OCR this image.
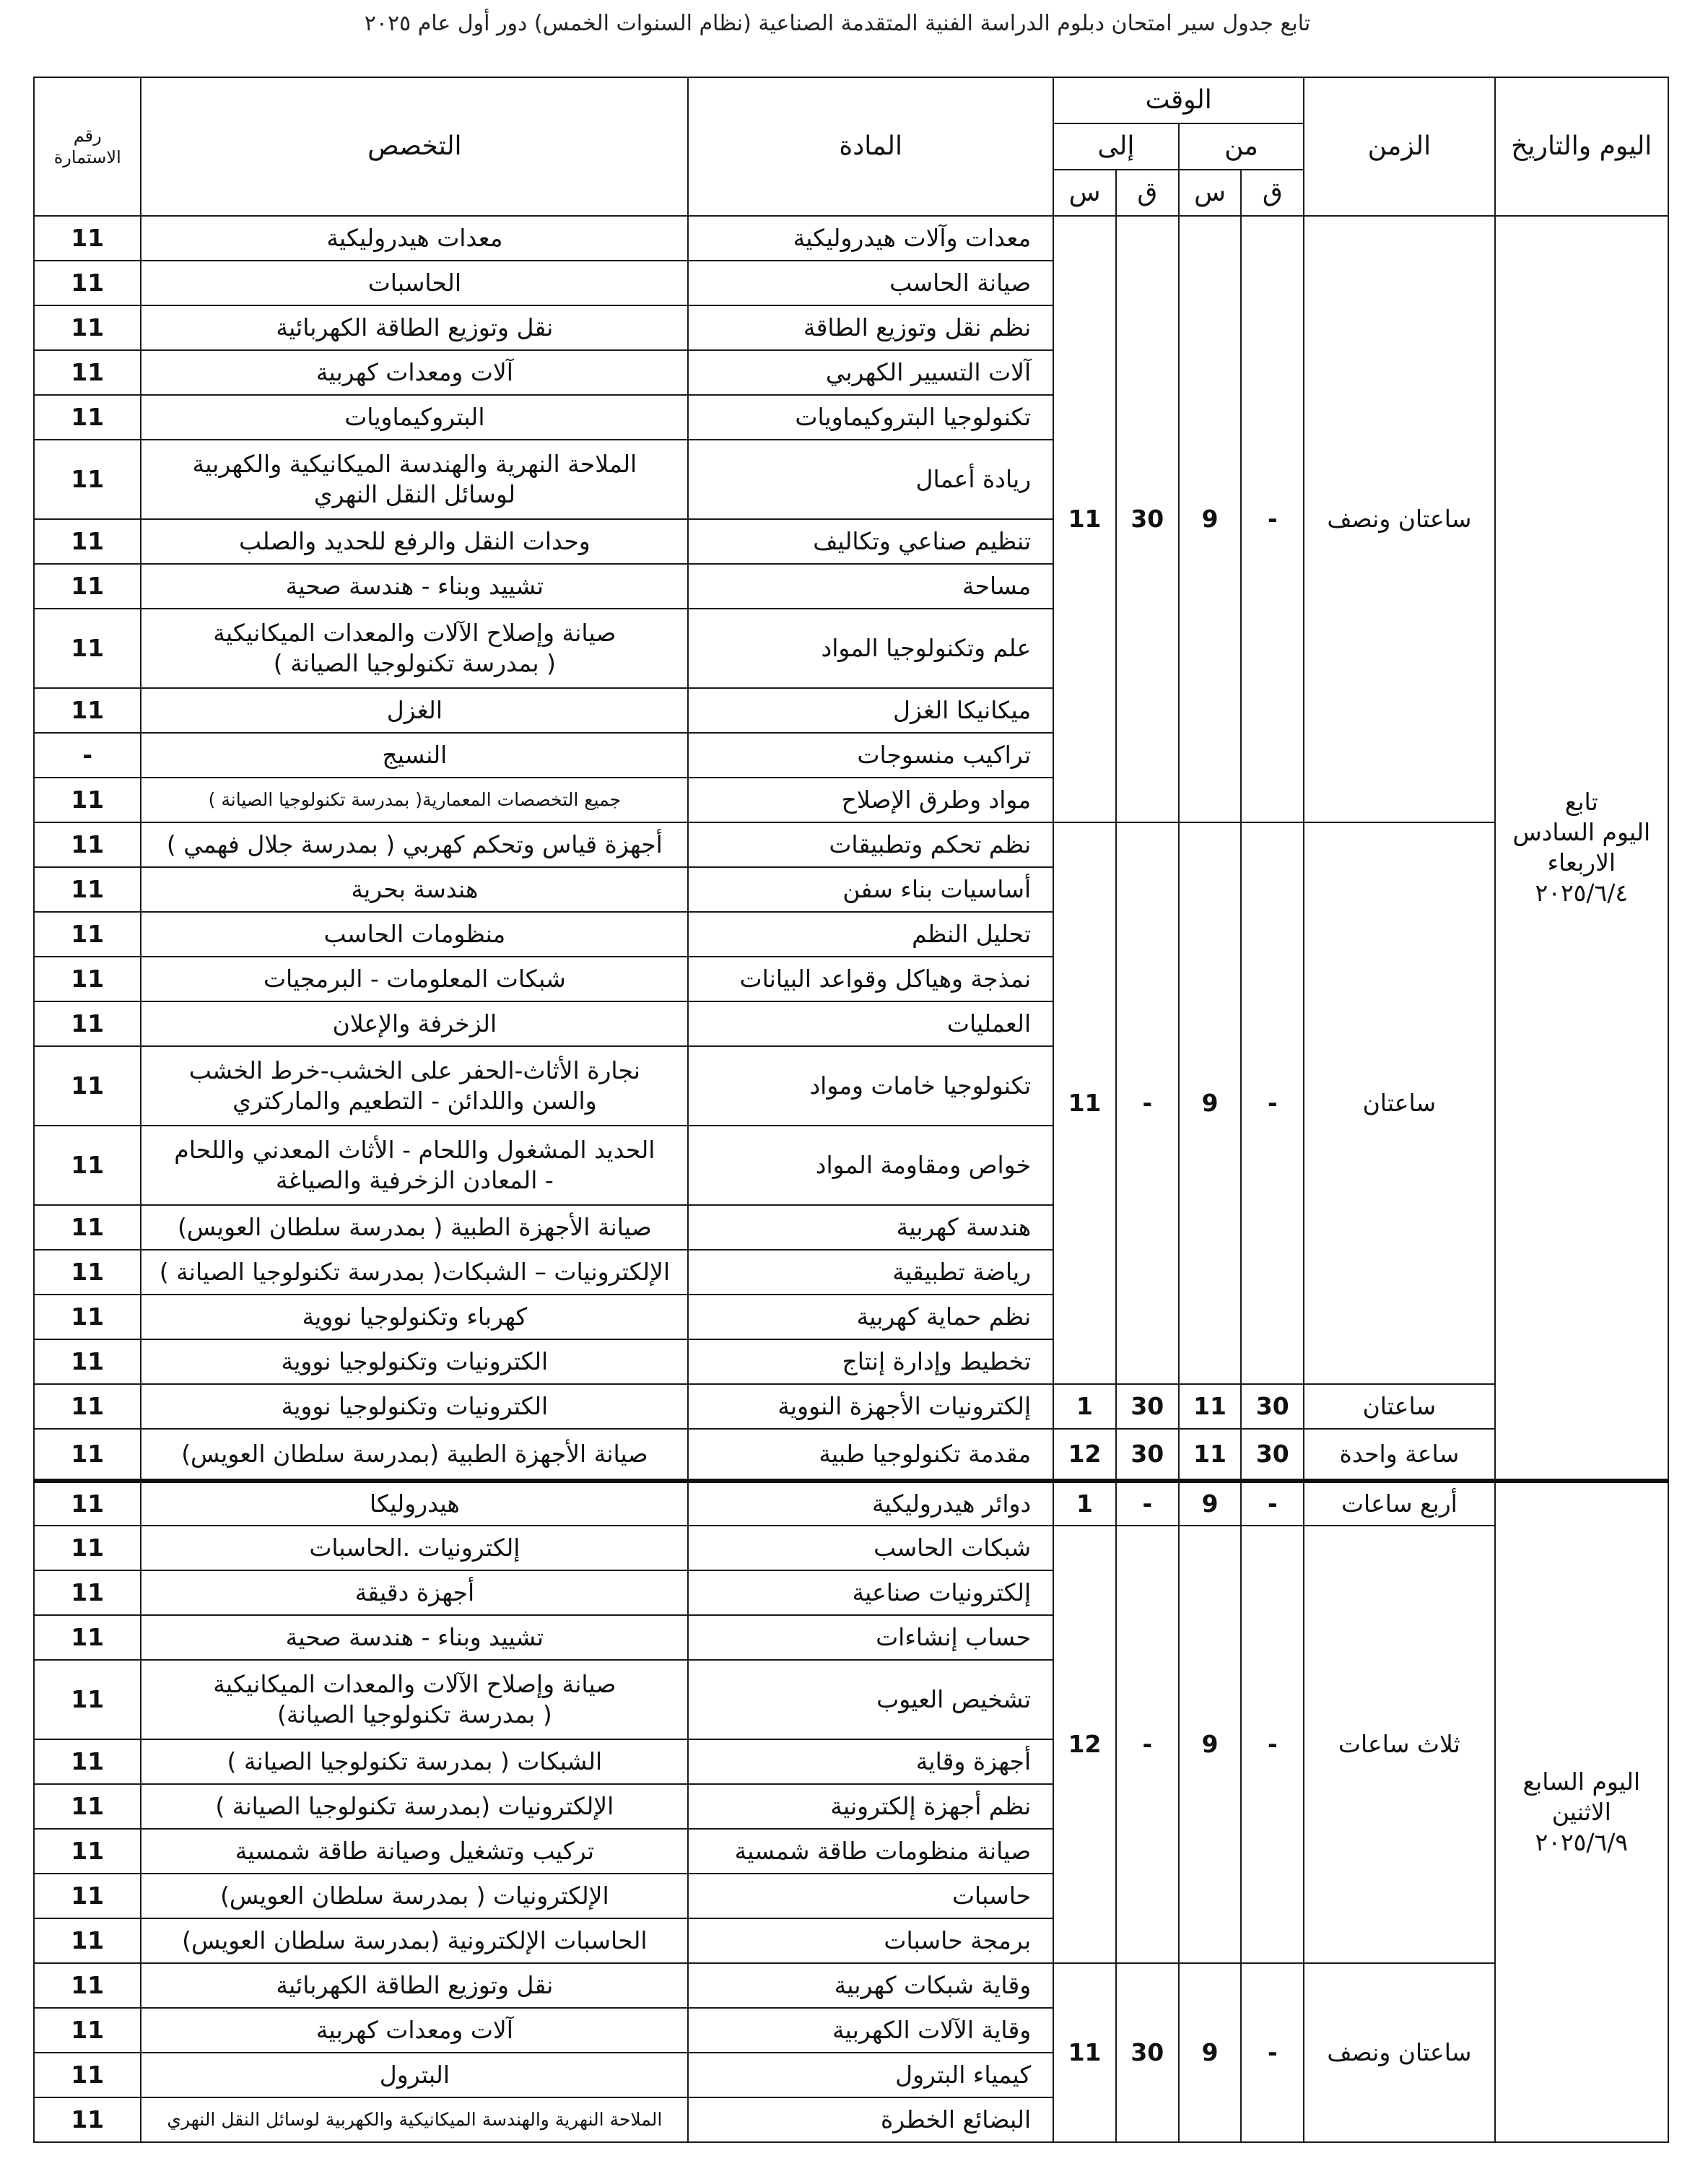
تابع جدول سير امتحان دبلوم الدراسة الفنية المتقدمة الصناعية (نظام السنوات الخمس) دور أول عام ٢٠٢٥
اليوم والتاريخ	الزمن	الوقت				المادة	التخصص	رقم الاستمارة
		من		إلى				
		ق	س	ق	س			

تابع
اليوم السادس
الاربعاء
٢٠٢٥/٦/٤	ساعتان ونصف	-	9	30	11	معدات وآلات هيدروليكية	معدات هيدروليكية	11
						صيانة الحاسب	الحاسبات	11
						نظم نقل وتوزيع الطاقة	نقل وتوزيع الطاقة الكهربائية	11
						آلات التسيير الكهربي	آلات ومعدات كهربية	11
						تكنولوجيا البتروكيماويات	البتروكيماويات	11
						ريادة أعمال	الملاحة النهرية والهندسة الميكانيكية والكهربية
لوسائل النقل النهري	11
						تنظيم صناعي وتكاليف	وحدات النقل والرفع للحديد والصلب	11
						مساحة	تشييد وبناء - هندسة صحية	11
						علم وتكنولوجيا المواد	صيانة وإصلاح الآلات والمعدات الميكانيكية
( بمدرسة تكنولوجيا الصيانة )	11
						ميكانيكا الغزل	الغزل	11
						تراكيب منسوجات	النسيج	-
						مواد وطرق الإصلاح	جميع التخصصات المعمارية( بمدرسة تكنولوجيا الصيانة )	11
	ساعتان	-	9	-	11	نظم تحكم وتطبيقات	أجهزة قياس وتحكم كهربي ( بمدرسة جلال فهمي )	11
						أساسيات بناء سفن	هندسة بحرية	11
						تحليل النظم	منظومات الحاسب	11
						نمذجة وهياكل وقواعد البيانات	شبكات المعلومات - البرمجيات	11
						العمليات	الزخرفة والإعلان	11
						تكنولوجيا خامات ومواد	نجارة الأثاث-الحفر على الخشب-خرط الخشب
والسن واللدائن - التطعيم والماركتري	11
						خواص ومقاومة المواد	الحديد المشغول واللحام - الأثاث المعدني واللحام
- المعادن الزخرفية والصياغة	11
						هندسة كهربية	صيانة الأجهزة الطبية ( بمدرسة سلطان العويس)	11
						رياضة تطبيقية	الإلكترونيات – الشبكات( بمدرسة تكنولوجيا الصيانة )	11
						نظم حماية كهربية	كهرباء وتكنولوجيا نووية	11
						تخطيط وإدارة إنتاج	الكترونيات وتكنولوجيا نووية	11
	ساعتان	30	11	30	1	إلكترونيات الأجهزة النووية	الكترونيات وتكنولوجيا نووية	11
	ساعة واحدة	30	11	30	12	مقدمة تكنولوجيا طبية	صيانة الأجهزة الطبية (بمدرسة سلطان العويس)	11

اليوم السابع
الاثنين
٢٠٢٥/٦/٩	أربع ساعات	-	9	-	1	دوائر هيدروليكية	هيدروليكا	11
	ثلاث ساعات	-	9	-	12	شبكات الحاسب	إلكترونيات .الحاسبات	11
						إلكترونيات صناعية	أجهزة دقيقة	11
						حساب إنشاءات	تشييد وبناء - هندسة صحية	11
						تشخيص العيوب	صيانة وإصلاح الآلات والمعدات الميكانيكية
( بمدرسة تكنولوجيا الصيانة)	11
						أجهزة وقاية	الشبكات ( بمدرسة تكنولوجيا الصيانة )	11
						نظم أجهزة إلكترونية	الإلكترونيات (بمدرسة تكنولوجيا الصيانة )	11
						صيانة منظومات طاقة شمسية	تركيب وتشغيل وصيانة طاقة شمسية	11
						حاسبات	الإلكترونيات ( بمدرسة سلطان العويس)	11
						برمجة حاسبات	الحاسبات الإلكترونية (بمدرسة سلطان العويس)	11
	ساعتان ونصف	-	9	30	11	وقاية شبكات كهربية	نقل وتوزيع الطاقة الكهربائية	11
						وقاية الآلات الكهربية	آلات ومعدات كهربية	11
						كيمياء البترول	البترول	11
						البضائع الخطرة	الملاحة النهرية والهندسة الميكانيكية والكهربية لوسائل النقل النهري	11
